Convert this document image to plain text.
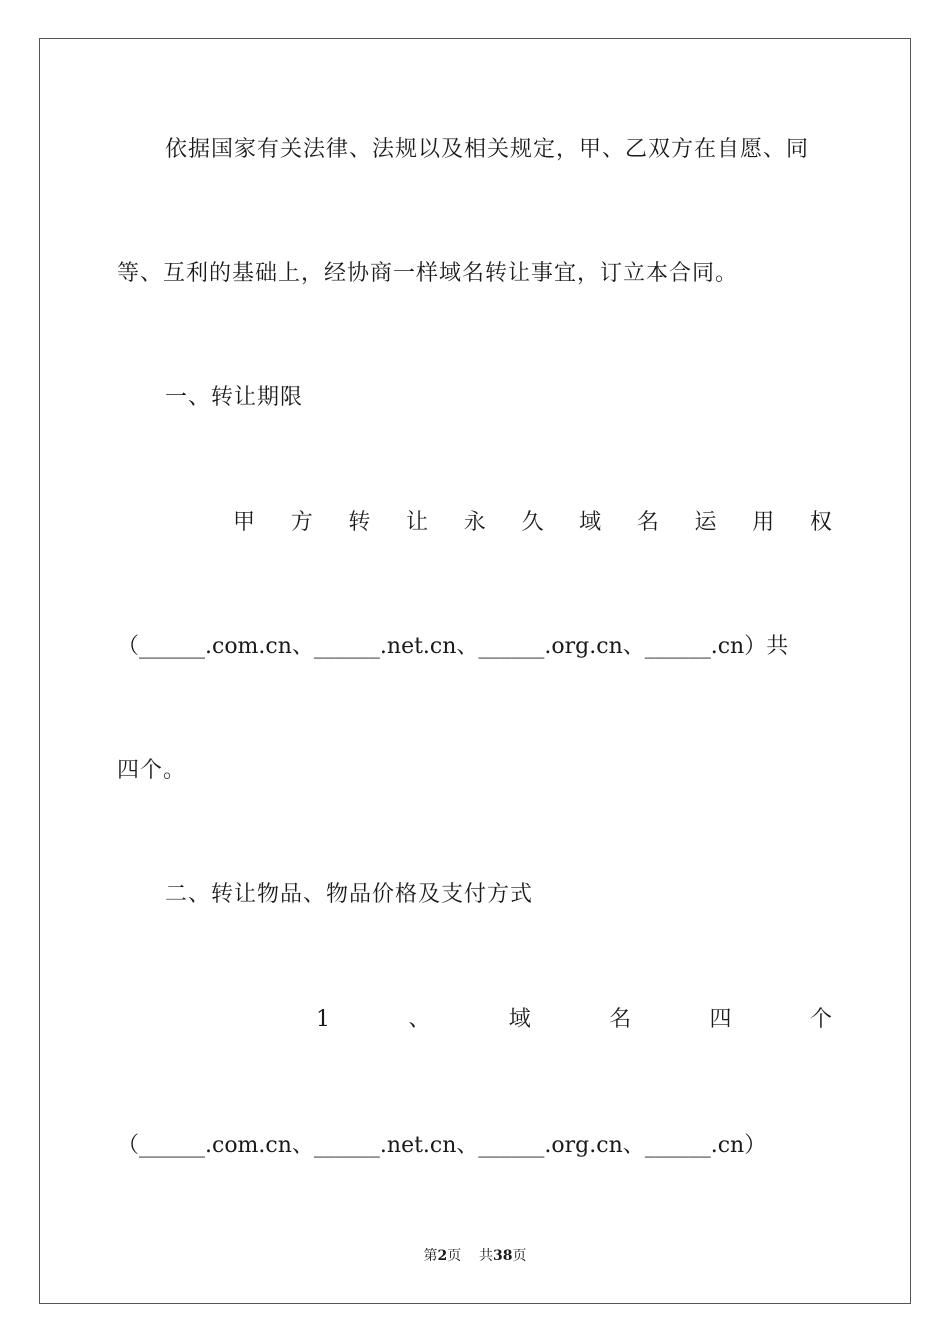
依据国家有关法律、法规以及相关规定，甲、乙双方在自愿、同
等、互利的基础上，经协商一样域名转让事宜，订立本合同。
一、转让期限
甲 方 转 让 永 久 域 名 运 用 权
（______.com.cn、______.net.cn、______.org.cn、______.cn）共
四个。
二、转让物品、物品价格及支付方式
1	、	域	名	四	个
（______.com.cn、______.net.cn、______.org.cn、______.cn）
第2页 共38页
